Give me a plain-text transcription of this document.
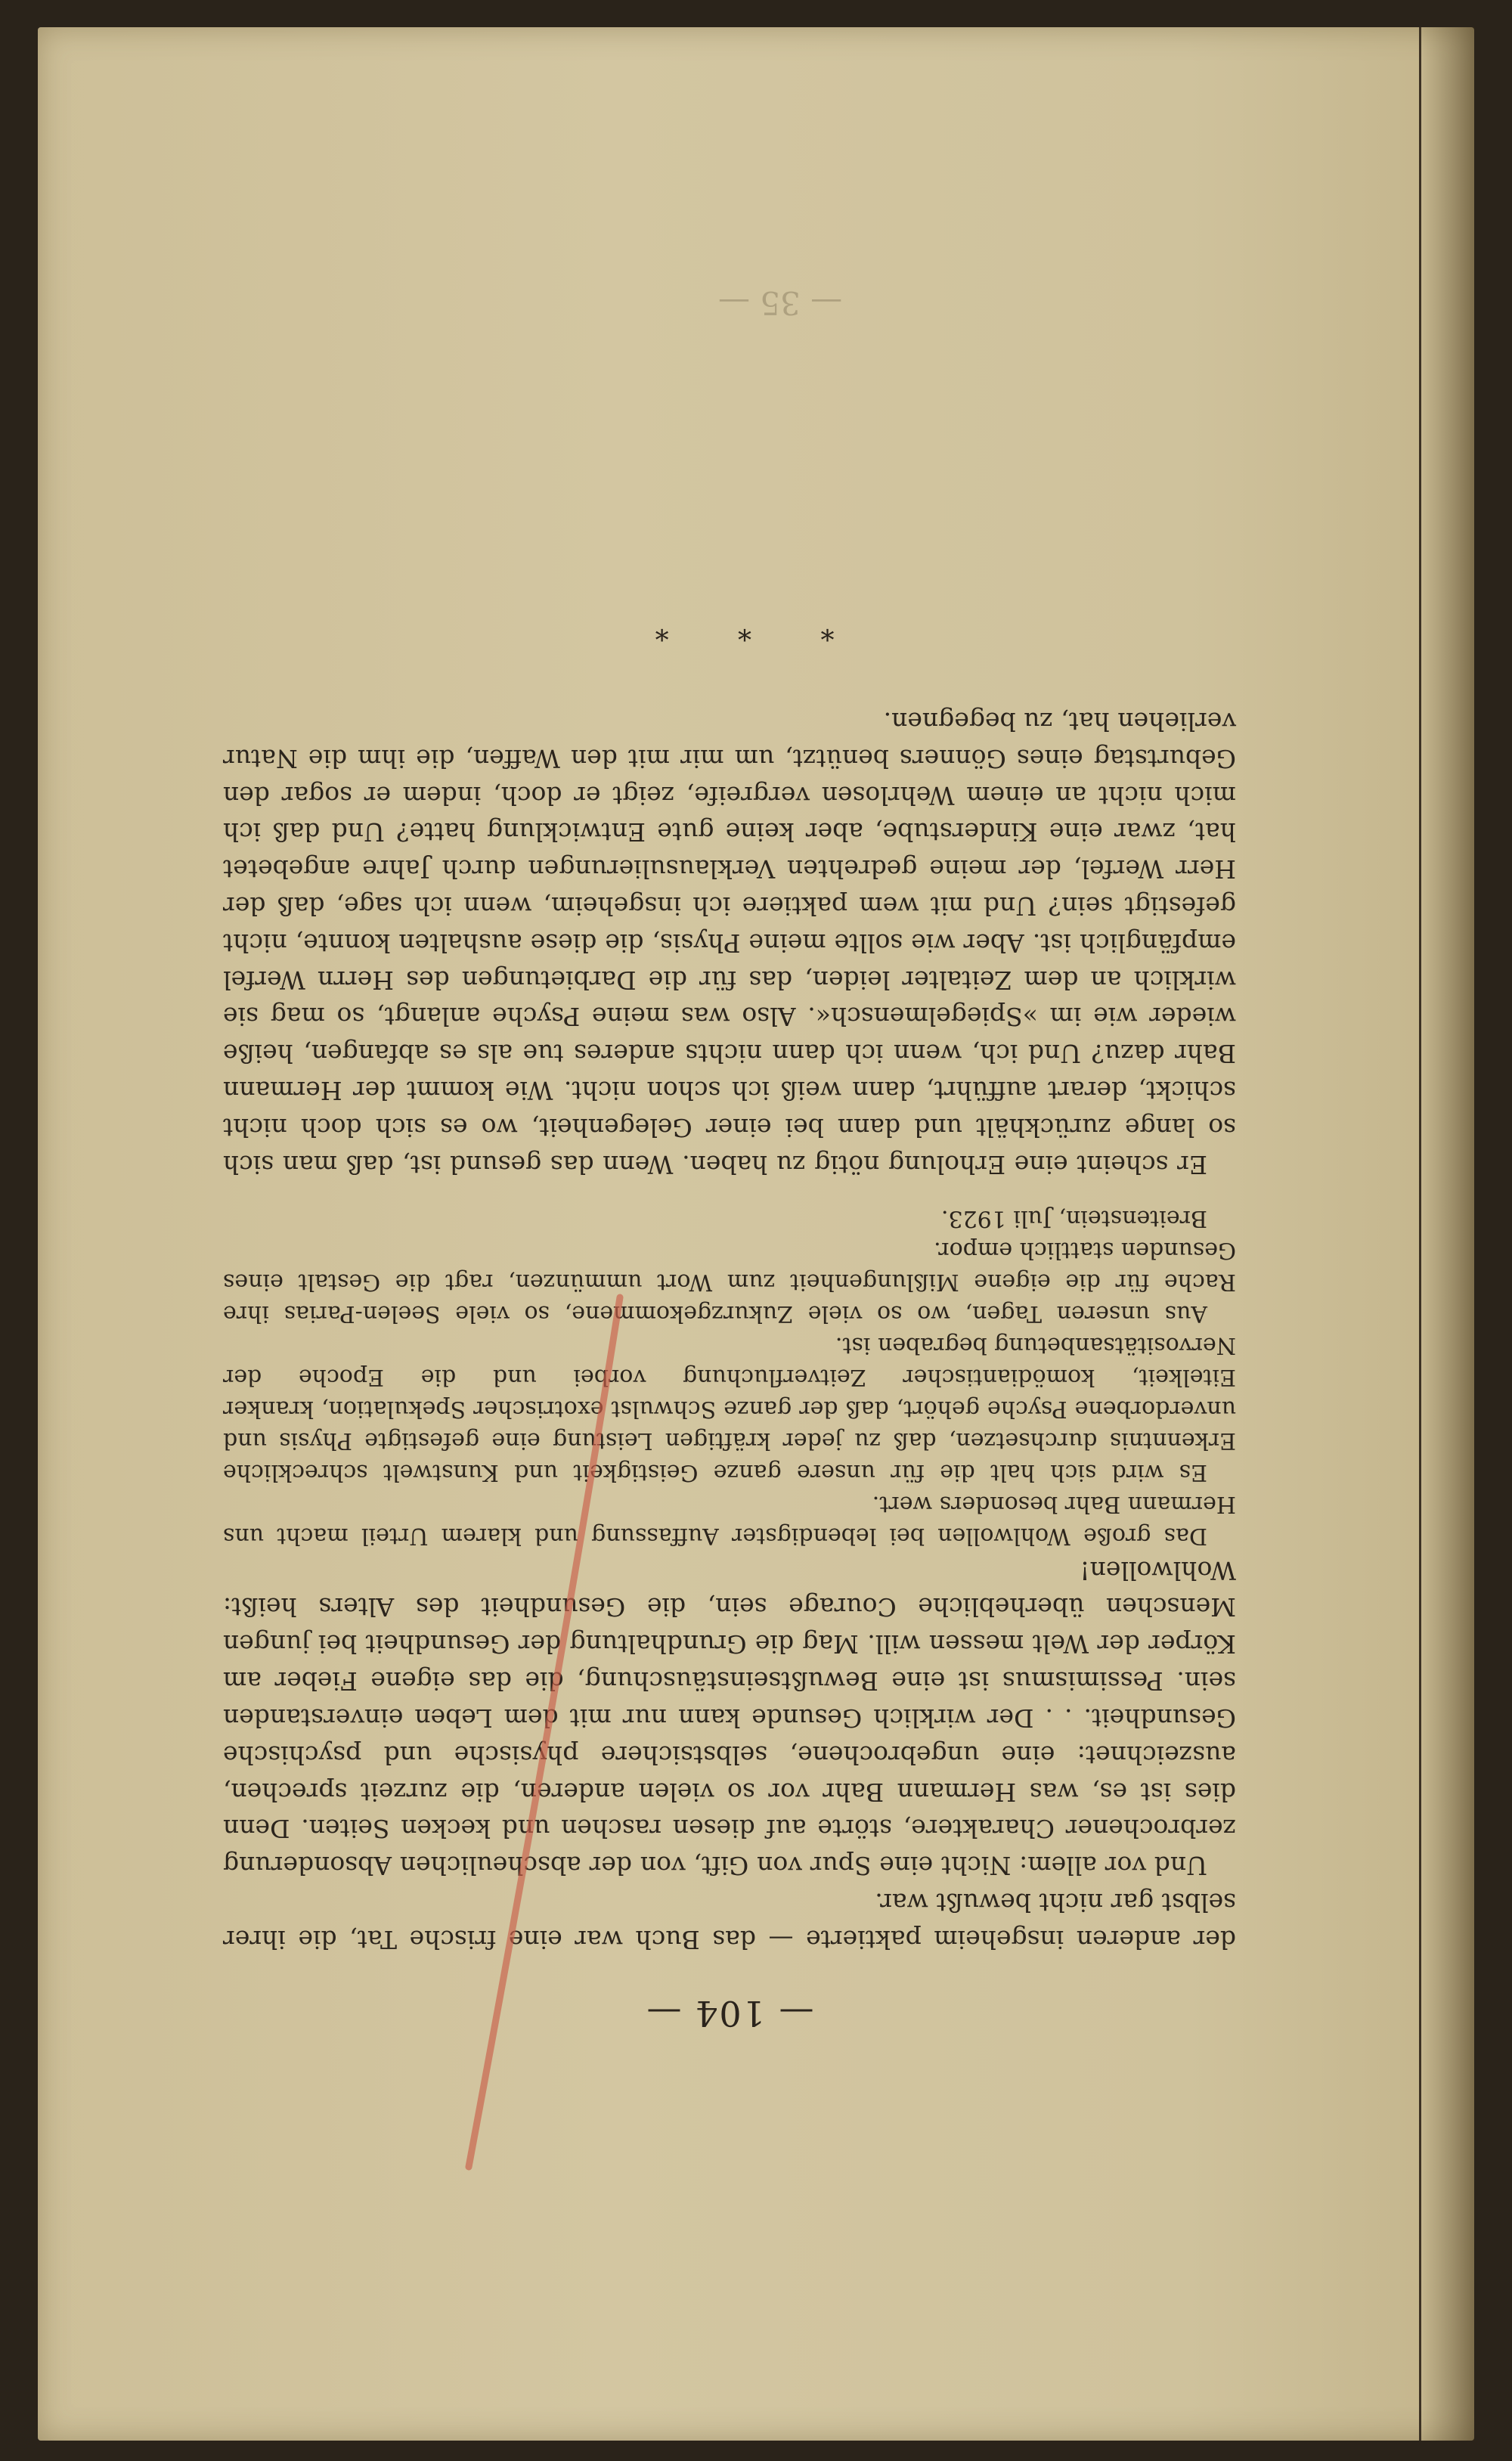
— 35 —
— 104 —

der anderen insgeheim paktierte — das Buch war eine frische Tat, die ihrer selbst gar nicht bewußt war.

Und vor allem: Nicht eine Spur von Gift, von der abscheulichen Absonderung zerbrochener Charaktere, störte auf diesen raschen und kecken Seiten. Denn dies ist es, was Hermann Bahr vor so vielen anderen, die zurzeit sprechen, auszeichnet: eine ungebrochene, selbstsichere physische und psychische Gesundheit. . . Der wirklich Gesunde kann nur mit dem Leben einverstanden sein. Pessimismus ist eine Bewußtseinstäuschung, die das eigene Fieber am Körper der Welt messen will. Mag die Grundhaltung der Gesundheit bei jungen Menschen überhebliche Courage sein, die Gesundheit des Alters heißt: Wohlwollen!

Das große Wohlwollen bei lebendigster Auffassung und klarem Urteil macht uns Hermann Bahr besonders wert.

Es wird sich halt die für unsere ganze Geistigkeit und Kunstwelt schreckliche Erkenntnis durchsetzen, daß zu jeder kräftigen Leistung eine gefestigte Physis und unverdorbene Psyche gehört, daß der ganze Schwulst exotrischer Spekulation, kranker Eitelkeit, komödiantischer Zeitverfluchung vorbei und die Epoche der Nervositätsanbetung begraben ist.

Aus unseren Tagen, wo so viele Zukurzgekommene, so viele Seelen-Parias ihre Rache für die eigene Mißlungenheit zum Wort ummünzen, ragt die Gestalt eines Gesunden stattlich empor.

Breitenstein, Juli 1923.

Er scheint eine Erholung nötig zu haben. Wenn das gesund ist, daß man sich so lange zurückhält und dann bei einer Gelegenheit, wo es sich doch nicht schickt, derart aufführt, dann weiß ich schon nicht. Wie kommt der Hermann Bahr dazu? Und ich, wenn ich dann nichts anderes tue als es abfangen, heiße wieder wie im »Spiegelmensch«. Also was meine Psyche anlangt, so mag sie wirklich an dem Zeitalter leiden, das für die Darbietungen des Herrn Werfel empfänglich ist. Aber wie sollte meine Physis, die diese aushalten konnte, nicht gefestigt sein? Und mit wem paktiere ich insgeheim, wenn ich sage, daß der Herr Werfel, der meine gedrehten Verklausulierungen durch Jahre angebetet hat, zwar eine Kinderstube, aber keine gute Entwicklung hatte? Und daß ich mich nicht an einem Wehrlosen vergreife, zeigt er doch, indem er sogar den Geburtstag eines Gönners benützt, um mir mit den Waffen, die ihm die Natur verliehen hat, zu begegnen.

* * *
